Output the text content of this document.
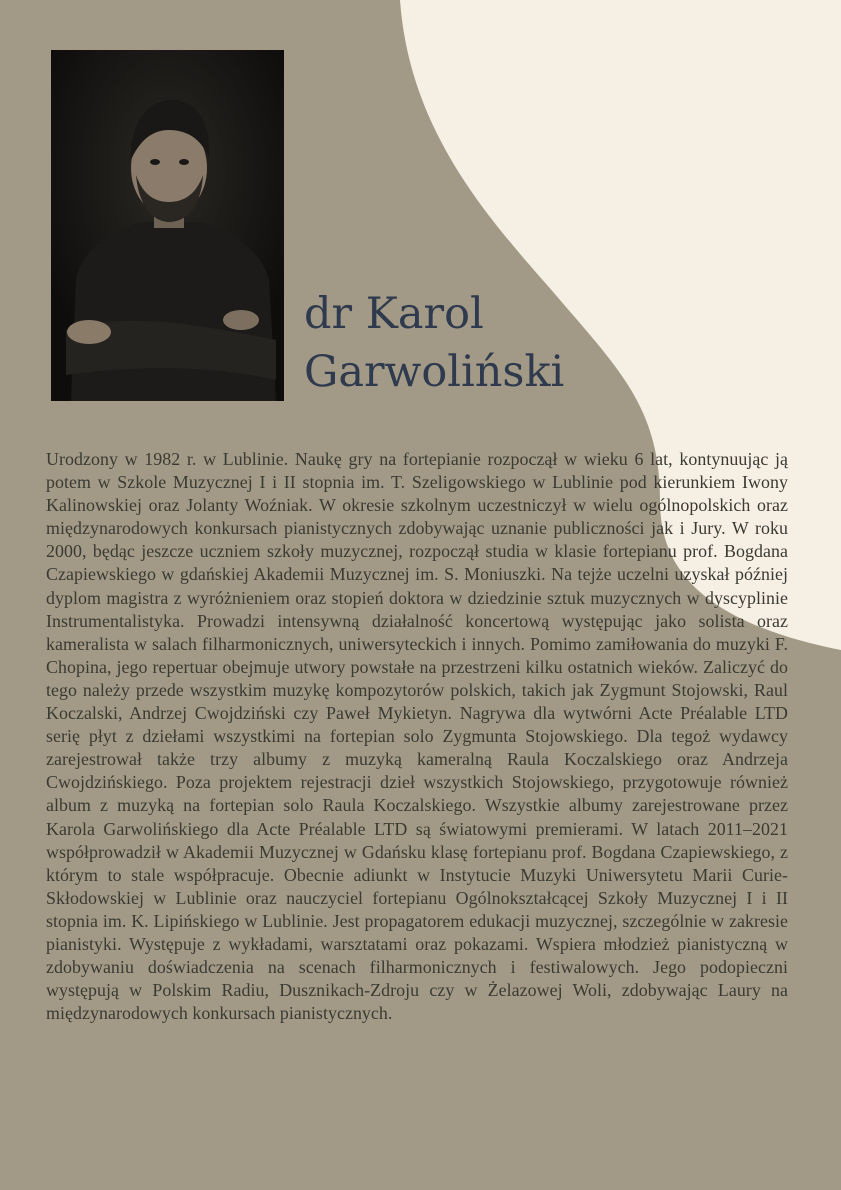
dr Karol
Garwoliński
Urodzony w 1982 r. w Lublinie. Naukę gry na fortepianie rozpoczął w wieku 6 lat, kontynuując ją potem w Szkole Muzycznej I i II stopnia im. T. Szeligowskiego w Lublinie pod kierunkiem Iwony Kalinowskiej oraz Jolanty Woźniak. W okresie szkolnym uczestniczył w wielu ogólnopolskich oraz międzynarodowych konkursach pianistycznych zdobywając uznanie publiczności jak i Jury. W roku 2000, będąc jeszcze uczniem szkoły muzycznej, rozpoczął studia w klasie fortepianu prof. Bogdana Czapiewskiego w gdańskiej Akademii Muzycznej im. S. Moniuszki. Na tejże uczelni uzyskał później dyplom magistra z wyróżnieniem oraz stopień doktora w dziedzinie sztuk muzycznych w dyscyplinie Instrumentalistyka. Prowadzi intensywną działalność koncertową występując jako solista oraz kameralista w salach filharmonicznych, uniwersyteckich i innych. Pomimo zamiłowania do muzyki F. Chopina, jego repertuar obejmuje utwory powstałe na przestrzeni kilku ostatnich wieków. Zaliczyć do tego należy przede wszystkim muzykę kompozytorów polskich, takich jak Zygmunt Stojowski, Raul Koczalski, Andrzej Cwojdziński czy Paweł Mykietyn. Nagrywa dla wytwórni Acte Préalable LTD serię płyt z dziełami wszystkimi na fortepian solo Zygmunta Stojowskiego. Dla tegoż wydawcy zarejestrował także trzy albumy z muzyką kameralną Raula Koczalskiego oraz Andrzeja Cwojdzińskiego. Poza projektem rejestracji dzieł wszystkich Stojowskiego, przygotowuje również album z muzyką na fortepian solo Raula Koczalskiego. Wszystkie albumy zarejestrowane przez Karola Garwolińskiego dla Acte Préalable LTD są światowymi premierami. W latach 2011–2021 współprowadził w Akademii Muzycznej w Gdańsku klasę fortepianu prof. Bogdana Czapiewskiego, z którym to stale współpracuje. Obecnie adiunkt w Instytucie Muzyki Uniwersytetu Marii Curie-Skłodowskiej w Lublinie oraz nauczyciel fortepianu Ogólnokształcącej Szkoły Muzycznej I i II stopnia im. K. Lipińskiego w Lublinie. Jest propagatorem edukacji muzycznej, szczególnie w zakresie pianistyki. Występuje z wykładami, warsztatami oraz pokazami. Wspiera młodzież pianistyczną w zdobywaniu doświadczenia na scenach filharmonicznych i festiwalowych. Jego podopieczni występują w Polskim Radiu, Dusznikach-Zdroju czy w Żelazowej Woli, zdobywając Laury na międzynarodowych konkursach pianistycznych.
